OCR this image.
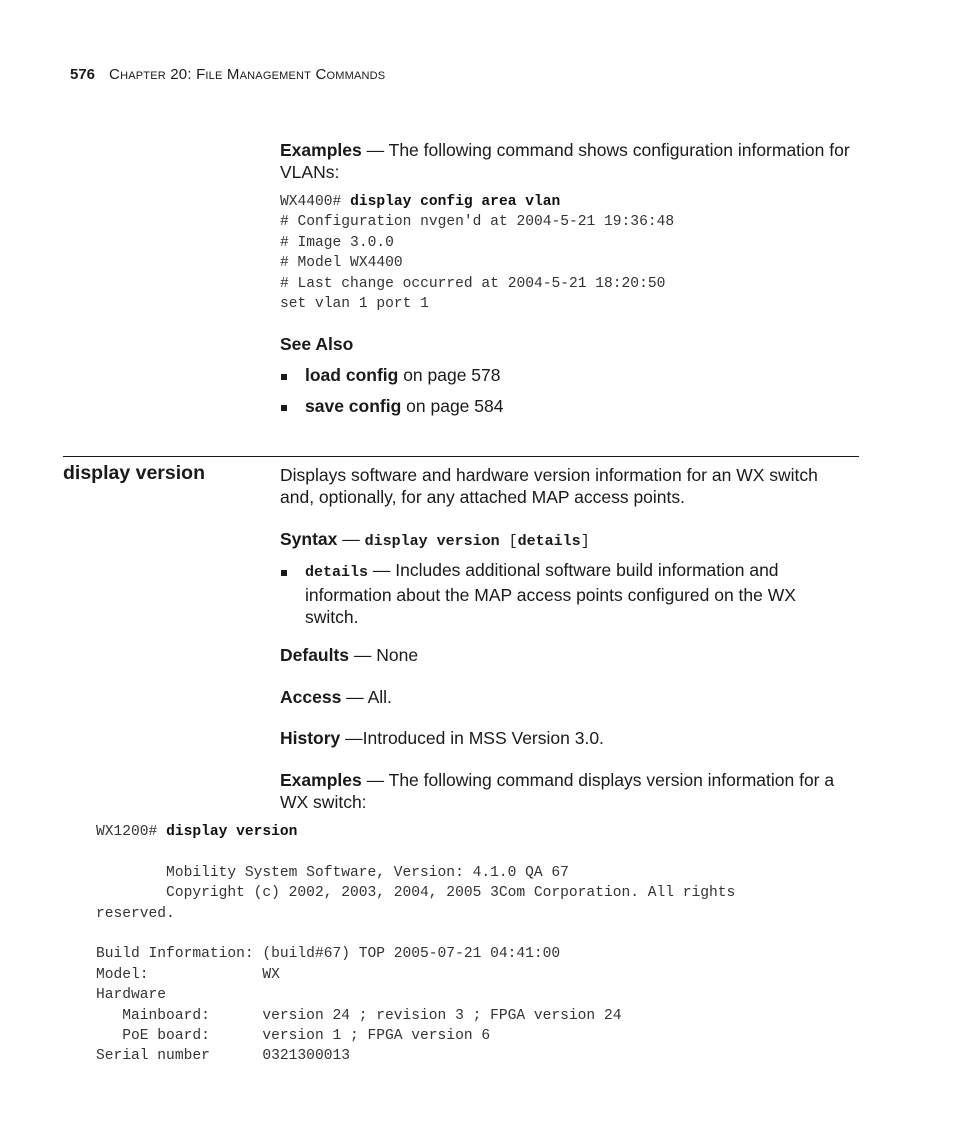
576 Chapter 20: File Management Commands
Examples — The following command shows configuration information for VLANs:
WX4400# display config area vlan
# Configuration nvgen'd at 2004-5-21 19:36:48
# Image 3.0.0
# Model WX4400
# Last change occurred at 2004-5-21 18:20:50
set vlan 1 port 1
See Also
load config on page 578
save config on page 584
display version	Displays software and hardware version information for an WX switch and, optionally, for any attached MAP access points.
Syntax — display version [details]
details — Includes additional software build information and information about the MAP access points configured on the WX switch.
Defaults — None
Access — All.
History —Introduced in MSS Version 3.0.
Examples — The following command displays version information for a WX switch:
WX1200# display version

Mobility System Software, Version: 4.1.0 QA 67
Copyright (c) 2002, 2003, 2004, 2005 3Com Corporation. All rights
reserved.

Build Information: (build#67) TOP 2005-07-21 04:41:00
Model:             WX
Hardware
Mainboard:      version 24 ; revision 3 ; FPGA version 24
PoE board:      version 1 ; FPGA version 6
Serial number      0321300013
